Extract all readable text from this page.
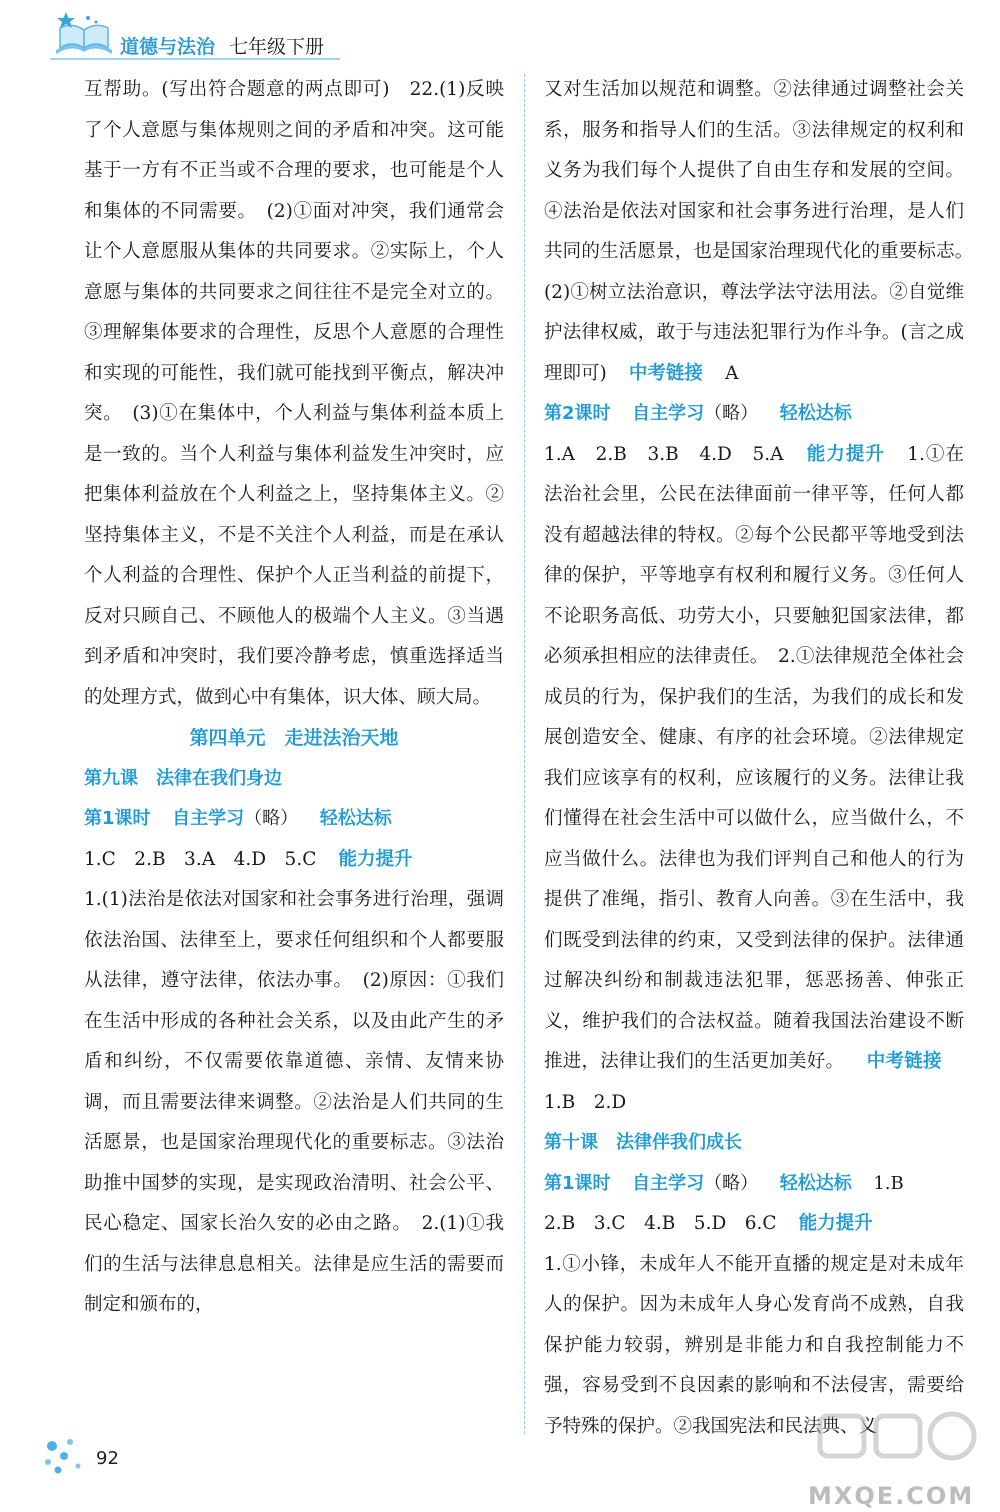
道德与法治 七年级下册

互帮助。(写出符合题意的两点即可)　22.(1)反映了个人意愿与集体规则之间的矛盾和冲突。这可能基于一方有不正当或不合理的要求，也可能是个人和集体的不同需要。　(2)①面对冲突，我们通常会让个人意愿服从集体的共同要求。②实际上，个人意愿与集体的共同要求之间往往不是完全对立的。③理解集体要求的合理性，反思个人意愿的合理性和实现的可能性，我们就可能找到平衡点，解决冲突。　(3)①在集体中，个人利益与集体利益本质上是一致的。当个人利益与集体利益发生冲突时，应把集体利益放在个人利益之上，坚持集体主义。②坚持集体主义，不是不关注个人利益，而是在承认个人利益的合理性、保护个人正当利益的前提下，反对只顾自己、不顾他人的极端个人主义。③当遇到矛盾和冲突时，我们要冷静考虑，慎重选择适当的处理方式，做到心中有集体，识大体、顾大局。

第四单元　走进法治天地

第九课　法律在我们身边

第1课时 自主学习（略） 轻松达标

1.C　2.B　3.A　4.D　5.C 能力提升

1.(1)法治是依法对国家和社会事务进行治理，强调依法治国、法律至上，要求任何组织和个人都要服从法律，遵守法律，依法办事。　(2)原因：①我们在生活中形成的各种社会关系，以及由此产生的矛盾和纠纷，不仅需要依靠道德、亲情、友情来协调，而且需要法律来调整。②法治是人们共同的生活愿景，也是国家治理现代化的重要标志。③法治助推中国梦的实现，是实现政治清明、社会公平、民心稳定、国家长治久安的必由之路。　2.(1)①我们的生活与法律息息相关。法律是应生活的需要而制定和颁布的，

又对生活加以规范和调整。②法律通过调整社会关系，服务和指导人们的生活。③法律规定的权利和义务为我们每个人提供了自由生存和发展的空间。④法治是依法对国家和社会事务进行治理，是人们共同的生活愿景，也是国家治理现代化的重要标志。　(2)①树立法治意识，尊法学法守法用法。②自觉维护法律权威，敢于与违法犯罪行为作斗争。(言之成理即可) 中考链接 A

第2课时 自主学习（略） 轻松达标

1.A　2.B　3.B　4.D　5.A 能力提升 1.①在法治社会里，公民在法律面前一律平等，任何人都没有超越法律的特权。②每个公民都平等地受到法律的保护，平等地享有权利和履行义务。③任何人不论职务高低、功劳大小，只要触犯国家法律，都必须承担相应的法律责任。　2.①法律规范全体社会成员的行为，保护我们的生活，为我们的成长和发展创造安全、健康、有序的社会环境。②法律规定我们应该享有的权利，应该履行的义务。法律让我们懂得在社会生活中可以做什么，应当做什么，不应当做什么。法律也为我们评判自己和他人的行为提供了准绳，指引、教育人向善。③在生活中，我们既受到法律的约束，又受到法律的保护。法律通过解决纠纷和制裁违法犯罪，惩恶扬善、伸张正义，维护我们的合法权益。随着我国法治建设不断推进，法律让我们的生活更加美好。 中考链接1.B　2.D

第十课　法律伴我们成长

第1课时 自主学习（略） 轻松达标 1.B

2.B　3.C　4.B　5.D　6.C 能力提升
1.①小锋，未成年人不能开直播的规定是对未成年人的保护。因为未成年人身心发育尚不成熟，自我保护能力较弱，辨别是非能力和自我控制能力不强，容易受到不良因素的影响和不法侵害，需要给予特殊的保护。②我国宪法和民法典、义

92
MXQE.COM
